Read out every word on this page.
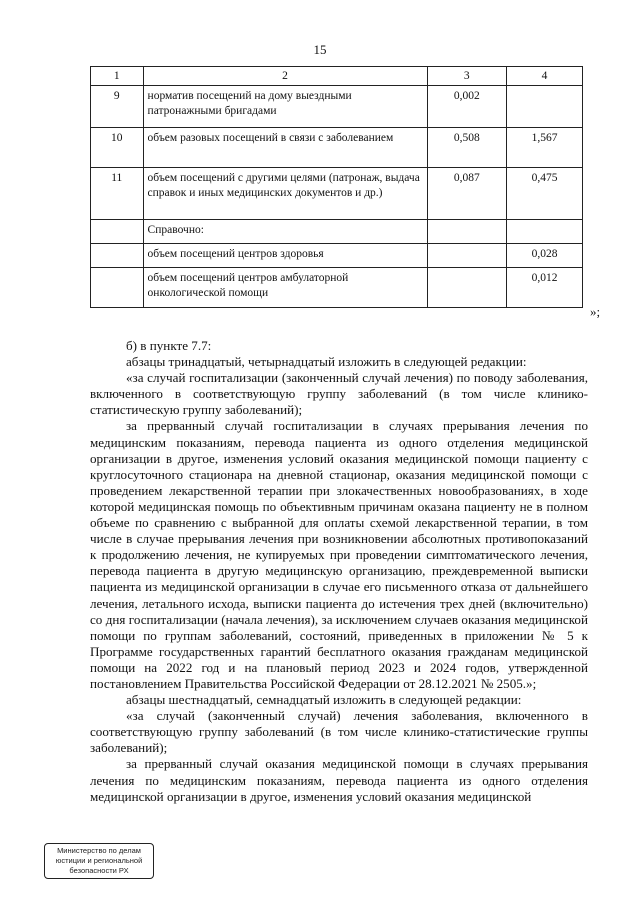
15
1	2	3	4
9	норматив посещений на дому выездными патронажными бригадами	0,002	
10	объем разовых посещений в связи с заболеванием	0,508	1,567
11	объем посещений с другими целями (патронаж, выдача справок и иных медицинских документов и др.)	0,087	0,475
	Справочно:		
	объем посещений центров здоровья		0,028
	объем посещений центров амбулаторной онкологической помощи		0,012
»;

б) в пункте 7.7:

абзацы тринадцатый, четырнадцатый изложить в следующей редакции:

«за случай госпитализации (законченный случай лечения) по поводу заболевания, включенного в соответствующую группу заболеваний (в том числе клинико-статистическую группу заболеваний);

за прерванный случай госпитализации в случаях прерывания лечения по медицинским показаниям, перевода пациента из одного отделения медицинской организации в другое, изменения условий оказания медицинской помощи пациенту с круглосуточного стационара на дневной стационар, оказания медицинской помощи с проведением лекарственной терапии при злокачественных новообразованиях, в ходе которой медицинская помощь по объективным причинам оказана пациенту не в полном объеме по сравнению с выбранной для оплаты схемой лекарственной терапии, в том числе в случае прерывания лечения при возникновении абсолютных противопоказаний к продолжению лечения, не купируемых при проведении симптоматического лечения, перевода пациента в другую медицинскую организацию, преждевременной выписки пациента из медицинской организации в случае его письменного отказа от дальнейшего лечения, летального исхода, выписки пациента до истечения трех дней (включительно) со дня госпитализации (начала лечения), за исключением случаев оказания медицинской помощи по группам заболеваний, состояний, приведенных в приложении № 5 к Программе государственных гарантий бесплатного оказания гражданам медицинской помощи на 2022 год и на плановый период 2023 и 2024 годов, утвержденной постановлением Правительства Российской Федерации от 28.12.2021 № 2505.»;

абзацы шестнадцатый, семнадцатый изложить в следующей редакции:

«за случай (законченный случай) лечения заболевания, включенного в соответствующую группу заболеваний (в том числе клинико-статистические группы заболеваний);

за прерванный случай оказания медицинской помощи в случаях прерывания лечения по медицинским показаниям, перевода пациента из одного отделения медицинской организации в другое, изменения условий оказания медицинской

Министерство по делам
юстиции и региональной
безопасности РХ
